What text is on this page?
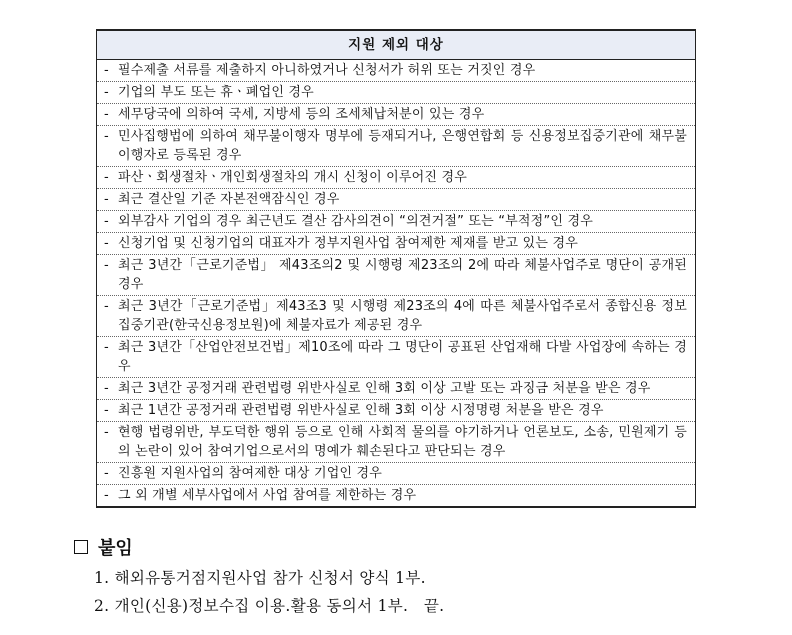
지원 제외 대상
- 필수제출 서류를 제출하지 아니하였거나 신청서가 허위 또는 거짓인 경우
- 기업의 부도 또는 휴ㆍ폐업인 경우
- 세무당국에 의하여 국세, 지방세 등의 조세체납처분이 있는 경우
- 민사집행법에 의하여 채무불이행자 명부에 등재되거나, 은행연합회 등 신용정보집중기관에 채무불이행자로 등록된 경우
- 파산ㆍ회생절차ㆍ개인회생절차의 개시 신청이 이루어진 경우
- 최근 결산일 기준 자본전액잠식인 경우
- 외부감사 기업의 경우 최근년도 결산 감사의견이 “의견거절” 또는 “부적정”인 경우
- 신청기업 및 신청기업의 대표자가 정부지원사업 참여제한 제재를 받고 있는 경우
- 최근 3년간「근로기준법」 제43조의2 및 시행령 제23조의 2에 따라 체불사업주로 명단이 공개된 경우
- 최근 3년간「근로기준법」제43조3 및 시행령 제23조의 4에 따른 체불사업주로서 종합신용 정보집중기관(한국신용정보원)에 체불자료가 제공된 경우
- 최근 3년간「산업안전보건법」제10조에 따라 그 명단이 공표된 산업재해 다발 사업장에 속하는 경우
- 최근 3년간 공정거래 관련법령 위반사실로 인해 3회 이상 고발 또는 과징금 처분을 받은 경우
- 최근 1년간 공정거래 관련법령 위반사실로 인해 3회 이상 시정명령 처분을 받은 경우
- 현행 법령위반, 부도덕한 행위 등으로 인해 사회적 물의를 야기하거나 언론보도, 소송, 민원제기 등의 논란이 있어 참여기업으로서의 명예가 훼손된다고 판단되는 경우
- 진흥원 지원사업의 참여제한 대상 기업인 경우
- 그 외 개별 세부사업에서 사업 참여를 제한하는 경우
붙임
1. 해외유통거점지원사업 참가 신청서 양식 1부.
2. 개인(신용)정보수집 이용․활용 동의서 1부.   끝.
